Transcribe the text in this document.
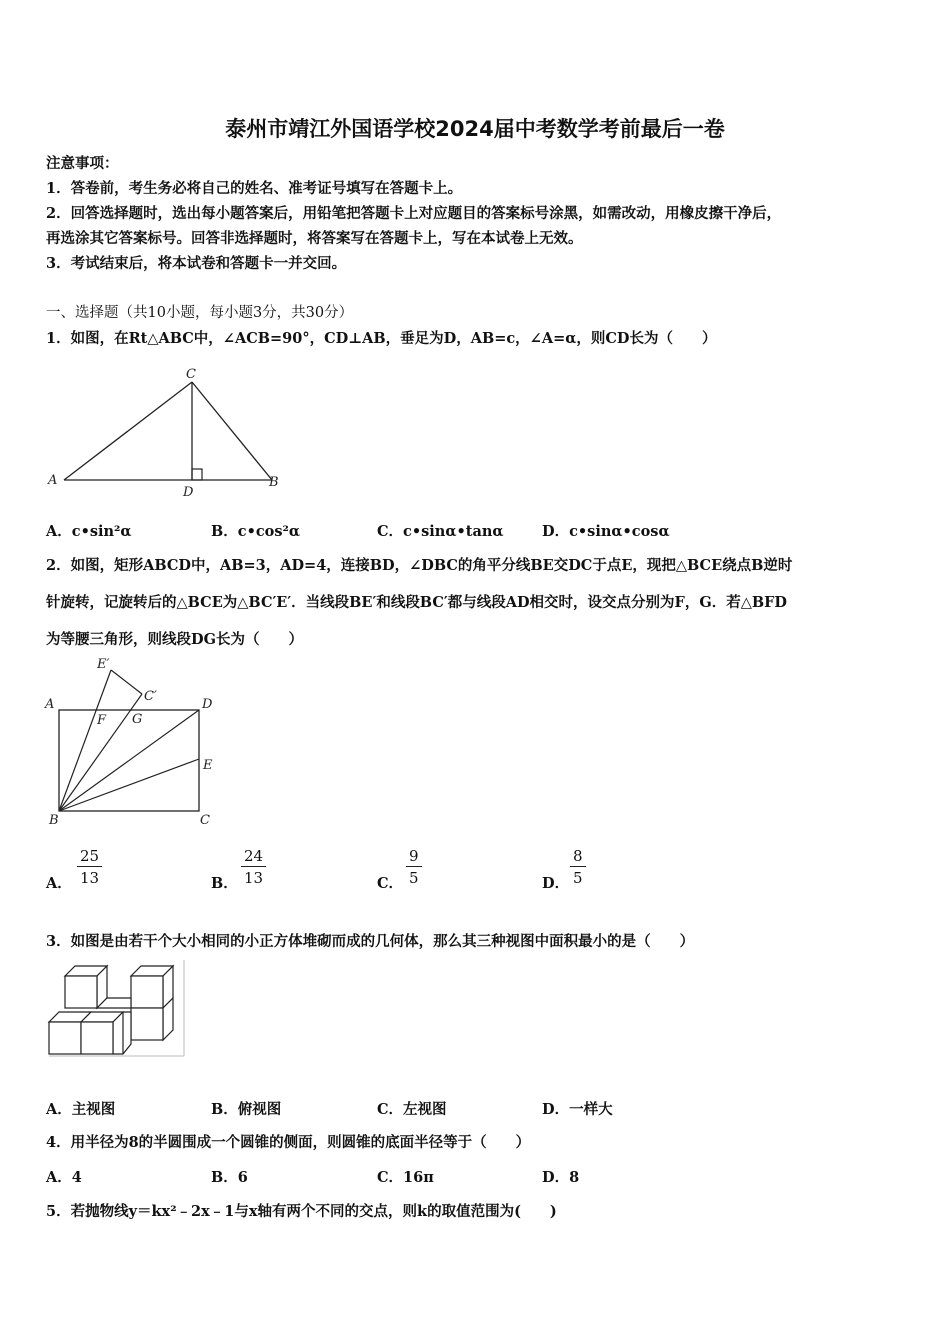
泰州市靖江外国语学校2024届中考数学考前最后一卷
注意事项：
1．答卷前，考生务必将自己的姓名、准考证号填写在答题卡上。
2．回答选择题时，选出每小题答案后，用铅笔把答题卡上对应题目的答案标号涂黑，如需改动，用橡皮擦干净后，
再选涂其它答案标号。回答非选择题时，将答案写在答题卡上，写在本试卷上无效。
3．考试结束后，将本试卷和答题卡一并交回。
一、选择题（共10小题，每小题3分，共30分）
1．如图，在Rt△ABC中，∠ACB=90°，CD⊥AB，垂足为D，AB=c，∠A=α，则CD长为（　　）
A	B
C
D
A．c•sin²α	B．c•cos²α	C．c•sinα•tanα	D．c•sinα•cosα
2．如图，矩形ABCD中，AB=3，AD=4，连接BD，∠DBC的角平分线BE交DC于点E，现把△BCE绕点B逆时
针旋转，记旋转后的△BCE为△BC′E′．当线段BE′和线段BC′都与线段AD相交时，设交点分别为F，G．若△BFD
为等腰三角形，则线段DG长为（　　）
E′
C′
A	D
F G
E
B	C
A． $\frac{25}{13}$	B． $\frac{24}{13}$	C． $\frac{9}{5}$	D． $\frac{8}{5}$
3．如图是由若干个大小相同的小正方体堆砌而成的几何体，那么其三种视图中面积最小的是（　　）
A．主视图	B．俯视图	C．左视图	D．一样大
4．用半径为8的半圆围成一个圆锥的侧面，则圆锥的底面半径等于（　　）
A．4	B．6	C．16π	D．8
5．若抛物线y＝kx²﹣2x﹣1与x轴有两个不同的交点，则k的取值范围为(　　)
